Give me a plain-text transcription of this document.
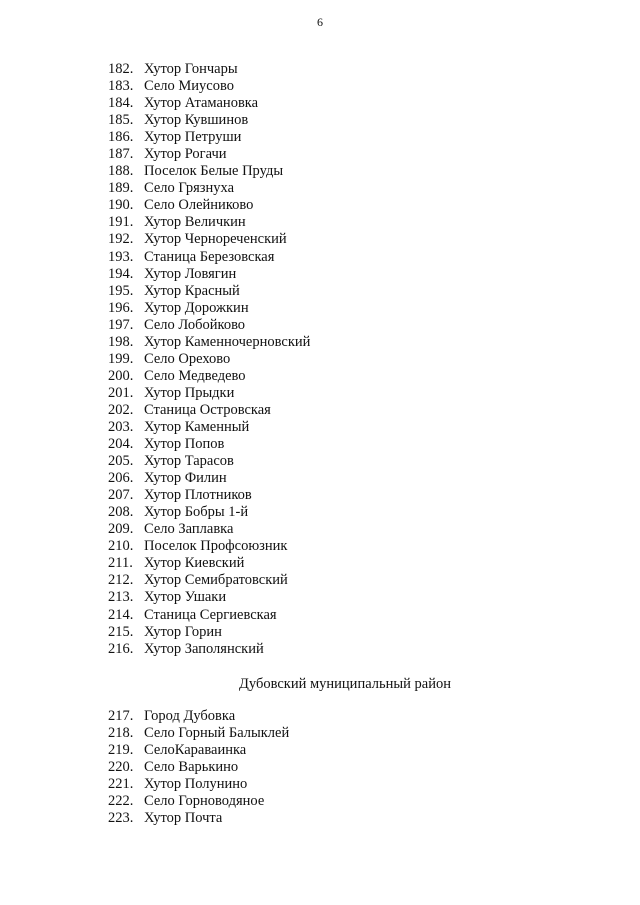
6
182. Хутор Гончары
183. Село Миусово
184. Хутор Атамановка
185. Хутор Кувшинов
186. Хутор Петруши
187. Хутор Рогачи
188. Поселок Белые Пруды
189. Село Грязнуха
190. Село Олейниково
191. Хутор Величкин
192. Хутор Чернореченский
193. Станица Березовская
194. Хутор Ловягин
195. Хутор Красный
196. Хутор Дорожкин
197. Село Лобойково
198. Хутор Каменночерновский
199. Село Орехово
200. Село Медведево
201. Хутор Прыдки
202. Станица Островская
203. Хутор Каменный
204. Хутор Попов
205. Хутор Тарасов
206. Хутор Филин
207. Хутор Плотников
208. Хутор Бобры 1-й
209. Село Заплавка
210. Поселок Профсоюзник
211. Хутор Киевский
212. Хутор Семибратовский
213. Хутор Ушаки
214. Станица Сергиевская
215. Хутор Горин
216. Хутор Заполянский
Дубовский муниципальный район
217. Город Дубовка
218. Село Горный Балыклей
219. СелоКараваинка
220. Село Варькино
221. Хутор Полунино
222. Село Горноводяное
223. Хутор Почта
